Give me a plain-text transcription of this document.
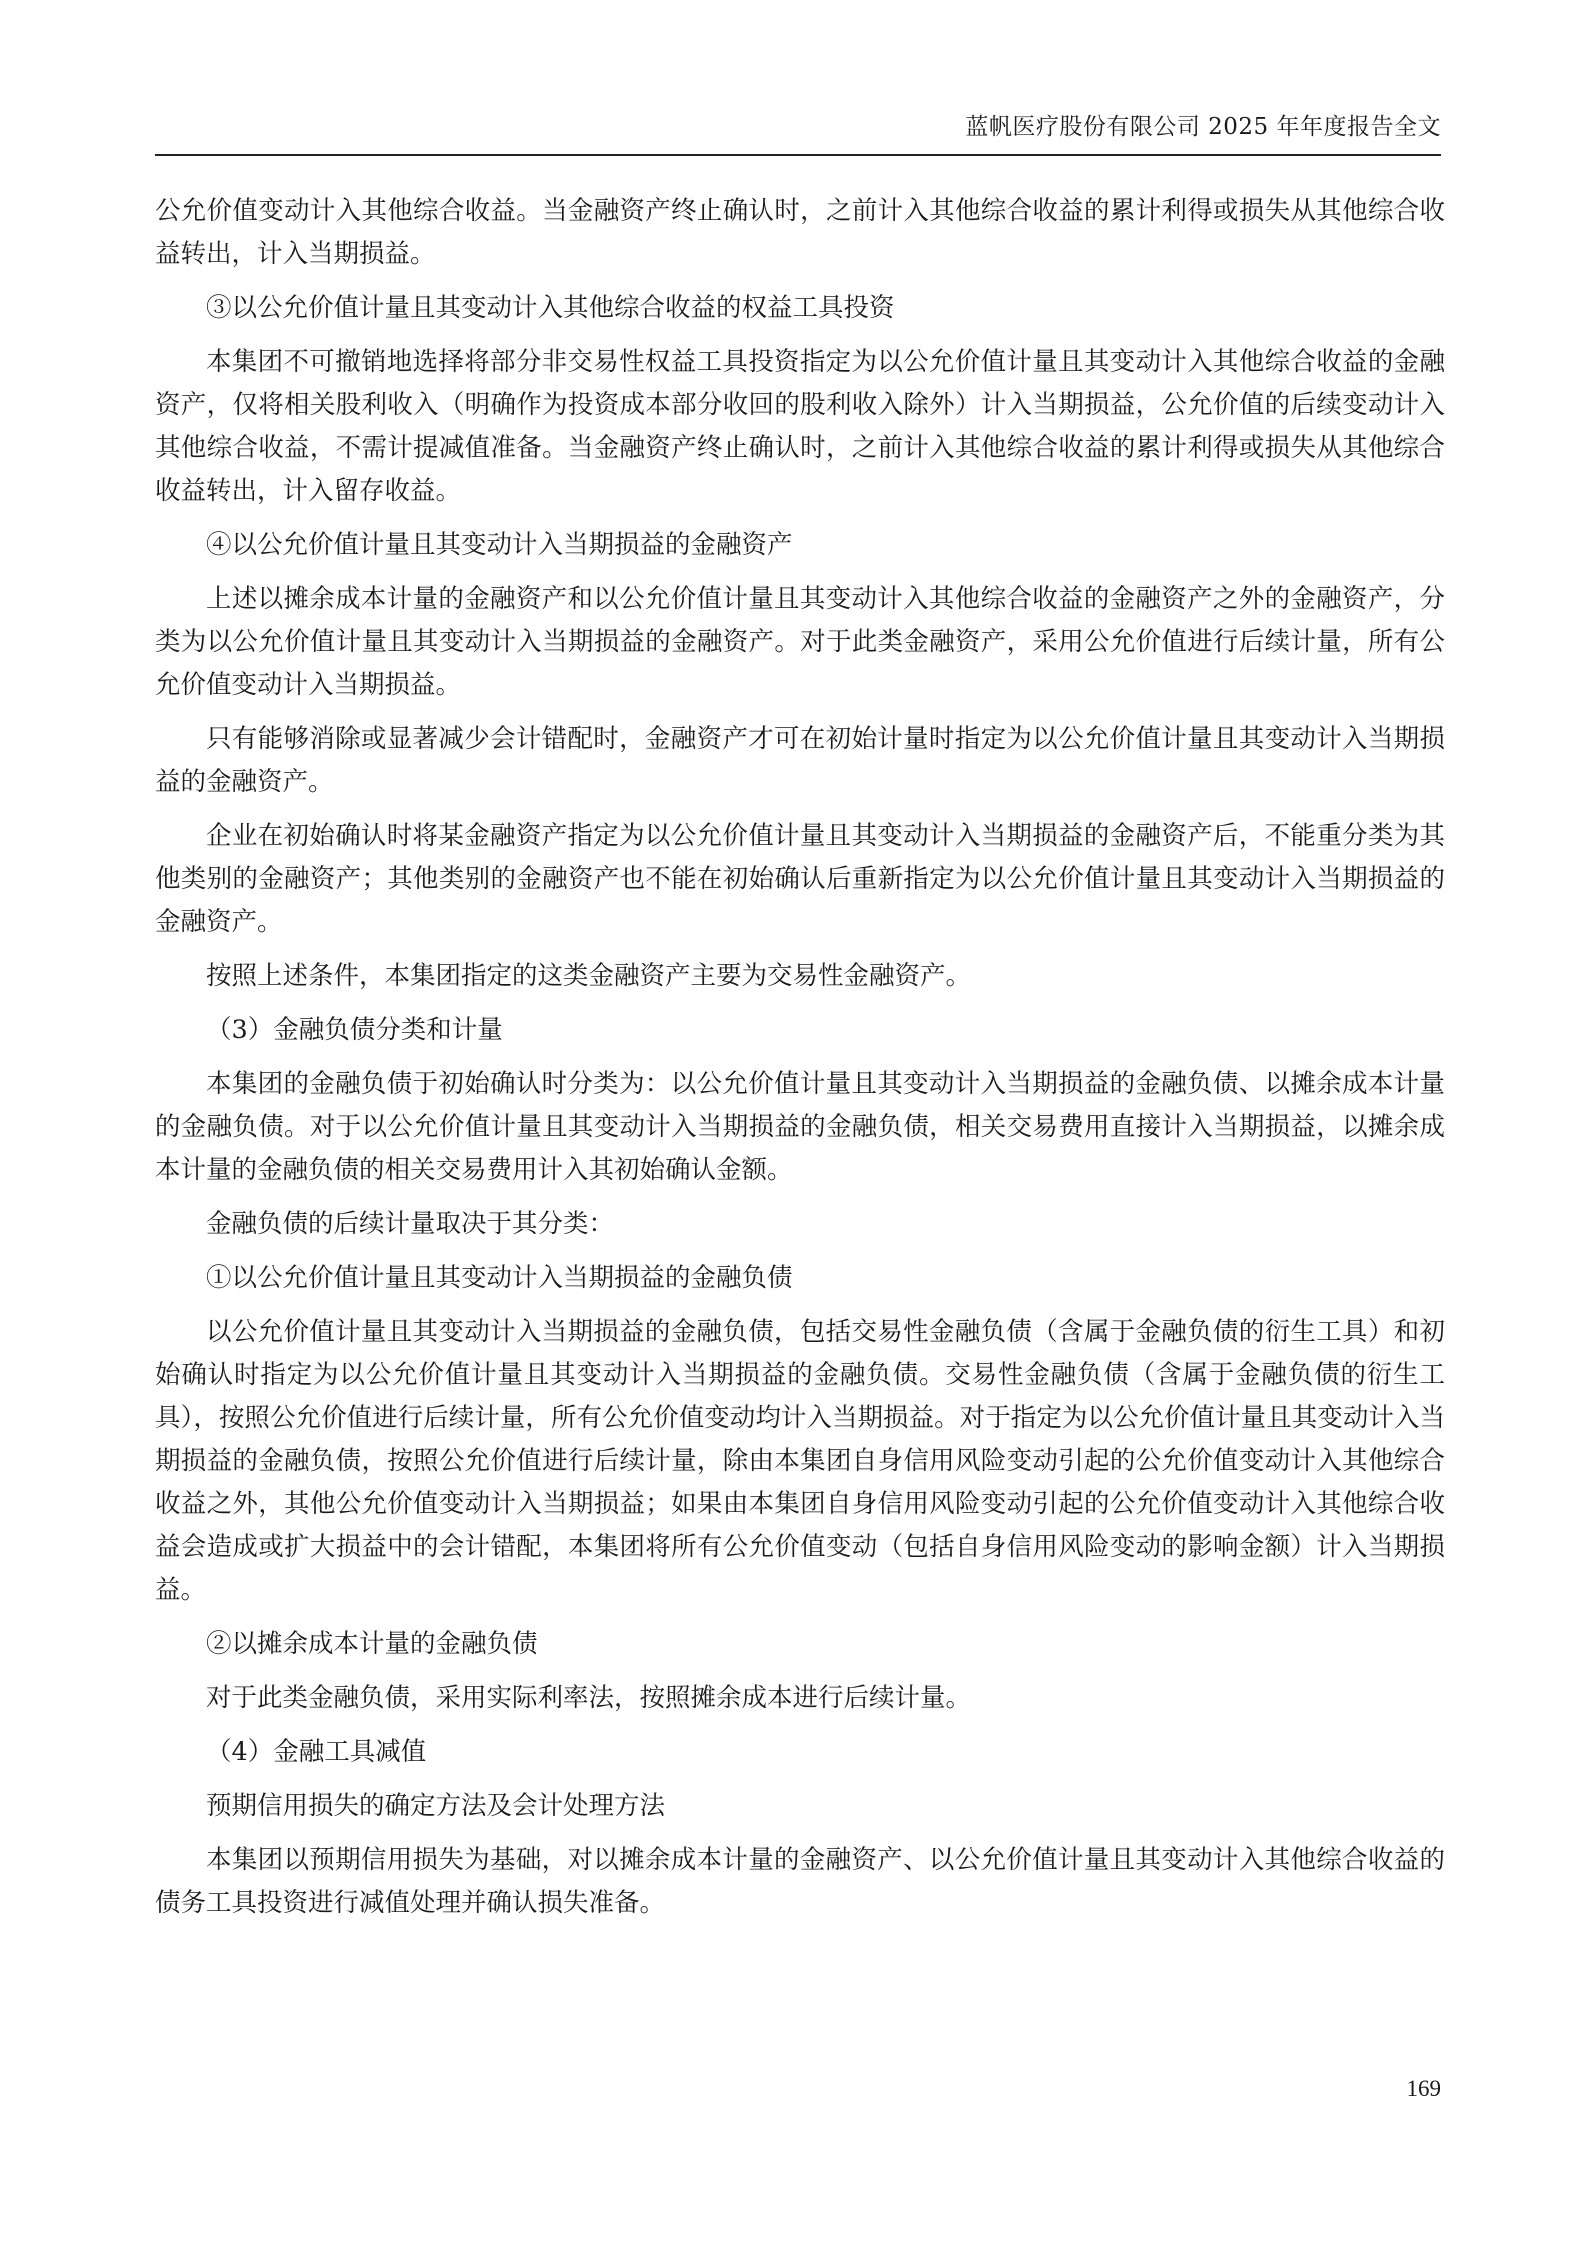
蓝帆医疗股份有限公司 2025 年年度报告全文

公允价值变动计入其他综合收益。当金融资产终止确认时，之前计入其他综合收益的累计利得或损失从其他综合收益转出，计入当期损益。

③以公允价值计量且其变动计入其他综合收益的权益工具投资

本集团不可撤销地选择将部分非交易性权益工具投资指定为以公允价值计量且其变动计入其他综合收益的金融资产，仅将相关股利收入（明确作为投资成本部分收回的股利收入除外）计入当期损益，公允价值的后续变动计入其他综合收益，不需计提减值准备。当金融资产终止确认时，之前计入其他综合收益的累计利得或损失从其他综合收益转出，计入留存收益。

④以公允价值计量且其变动计入当期损益的金融资产

上述以摊余成本计量的金融资产和以公允价值计量且其变动计入其他综合收益的金融资产之外的金融资产，分类为以公允价值计量且其变动计入当期损益的金融资产。对于此类金融资产，采用公允价值进行后续计量，所有公允价值变动计入当期损益。

只有能够消除或显著减少会计错配时，金融资产才可在初始计量时指定为以公允价值计量且其变动计入当期损益的金融资产。

企业在初始确认时将某金融资产指定为以公允价值计量且其变动计入当期损益的金融资产后，不能重分类为其他类别的金融资产；其他类别的金融资产也不能在初始确认后重新指定为以公允价值计量且其变动计入当期损益的金融资产。

按照上述条件，本集团指定的这类金融资产主要为交易性金融资产。

（3）金融负债分类和计量

本集团的金融负债于初始确认时分类为：以公允价值计量且其变动计入当期损益的金融负债、以摊余成本计量的金融负债。对于以公允价值计量且其变动计入当期损益的金融负债，相关交易费用直接计入当期损益，以摊余成本计量的金融负债的相关交易费用计入其初始确认金额。

金融负债的后续计量取决于其分类：

①以公允价值计量且其变动计入当期损益的金融负债

以公允价值计量且其变动计入当期损益的金融负债，包括交易性金融负债（含属于金融负债的衍生工具）和初始确认时指定为以公允价值计量且其变动计入当期损益的金融负债。交易性金融负债（含属于金融负债的衍生工具），按照公允价值进行后续计量，所有公允价值变动均计入当期损益。对于指定为以公允价值计量且其变动计入当期损益的金融负债，按照公允价值进行后续计量，除由本集团自身信用风险变动引起的公允价值变动计入其他综合收益之外，其他公允价值变动计入当期损益；如果由本集团自身信用风险变动引起的公允价值变动计入其他综合收益会造成或扩大损益中的会计错配，本集团将所有公允价值变动（包括自身信用风险变动的影响金额）计入当期损益。

②以摊余成本计量的金融负债

对于此类金融负债，采用实际利率法，按照摊余成本进行后续计量。

（4）金融工具减值

预期信用损失的确定方法及会计处理方法

本集团以预期信用损失为基础，对以摊余成本计量的金融资产、以公允价值计量且其变动计入其他综合收益的债务工具投资进行减值处理并确认损失准备。

169
